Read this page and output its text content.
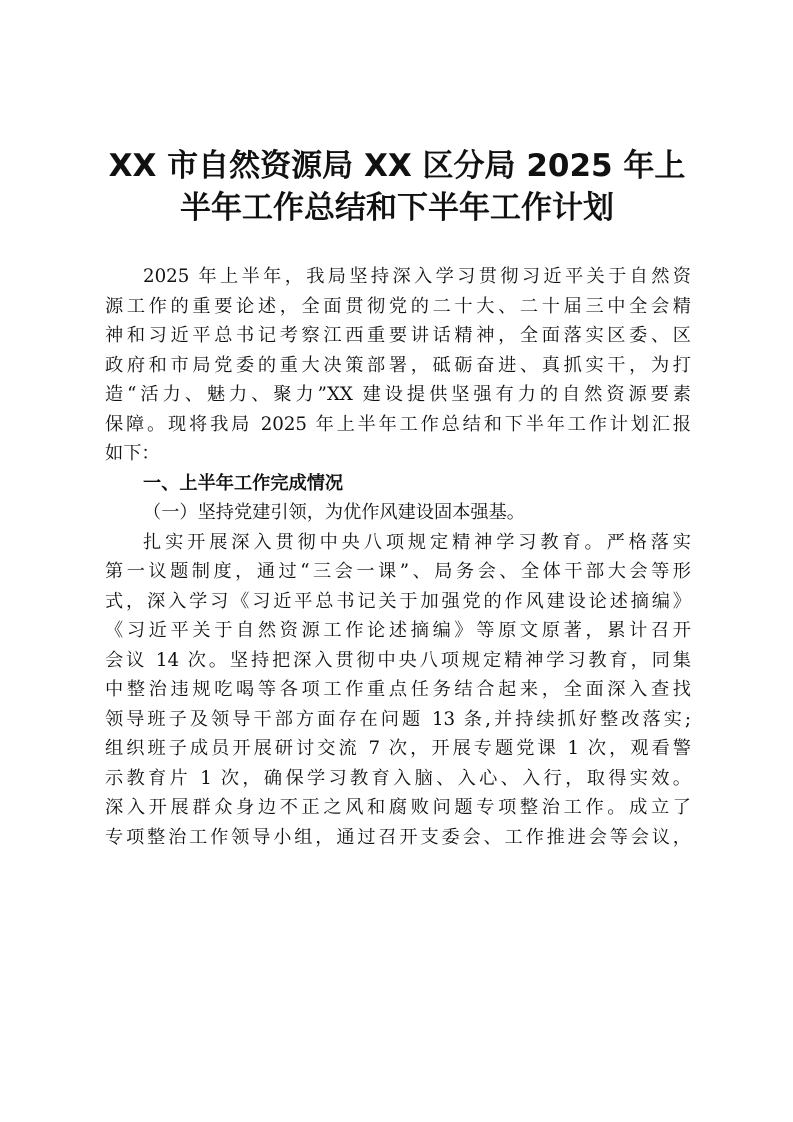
XX 市自然资源局 XX 区分局 2025 年上
半年工作总结和下半年工作计划
2025 年上半年，我局坚持深入学习贯彻习近平关于自然资
源工作的重要论述，全面贯彻党的二十大、二十届三中全会精
神和习近平总书记考察江西重要讲话精神，全面落实区委、区
政府和市局党委的重大决策部署，砥砺奋进、真抓实干，为打
造“活力、魅力、聚力”XX 建设提供坚强有力的自然资源要素
保障。现将我局 2025 年上半年工作总结和下半年工作计划汇报
如下：
一、上半年工作完成情况
（一）坚持党建引领，为优作风建设固本强基。
扎实开展深入贯彻中央八项规定精神学习教育。严格落实
第一议题制度，通过“三会一课”、局务会、全体干部大会等形
式，深入学习《习近平总书记关于加强党的作风建设论述摘编》
《习近平关于自然资源工作论述摘编》等原文原著，累计召开
会议 14 次。坚持把深入贯彻中央八项规定精神学习教育，同集
中整治违规吃喝等各项工作重点任务结合起来，全面深入查找
领导班子及领导干部方面存在问题 13 条,并持续抓好整改落实;
组织班子成员开展研讨交流 7 次，开展专题党课 1 次，观看警
示教育片 1 次，确保学习教育入脑、入心、入行，取得实效。
深入开展群众身边不正之风和腐败问题专项整治工作。成立了
专项整治工作领导小组，通过召开支委会、工作推进会等会议，
